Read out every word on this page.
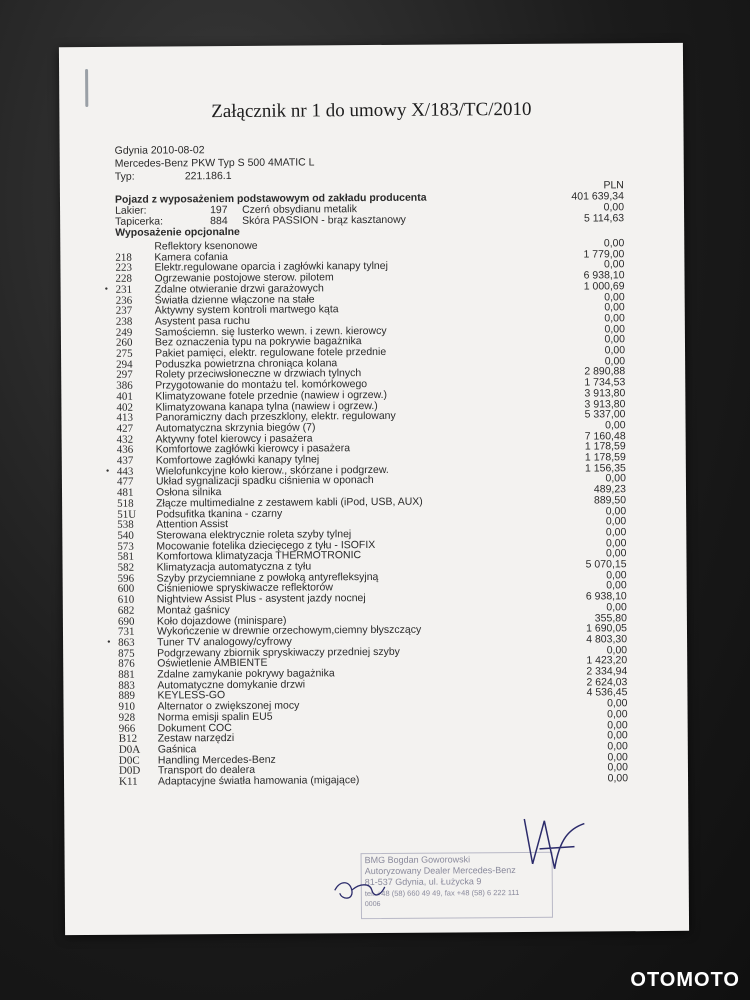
Załącznik nr 1 do umowy X/183/TC/2010
Gdynia 2010-08-02
Mercedes-Benz PKW Typ S 500 4MATIC L
Typ:	221.186.1
PLN
Pojazd z wyposażeniem podstawowym od zakładu producenta	401 639,34
Lakier:	197 Czerń obsydianu metalik	0,00
Tapicerka:	884 Skóra PASSION - brąz kasztanowy	5 114,63
Wyposażenie opcjonalne
Reflektory ksenonowe	0,00
218	Kamera cofania	1 779,00
223	Elektr.regulowane oparcia i zagłówki kanapy tylnej	0,00
228	Ogrzewanie postojowe sterow. pilotem	6 938,10
231	Zdalne otwieranie drzwi garażowych	1 000,69
•
236	Światła dzienne włączone na stałe	0,00
237	Aktywny system kontroli martwego kąta	0,00
238	Asystent pasa ruchu	0,00
249	Samościemn. się lusterko wewn. i zewn. kierowcy	0,00
260	Bez oznaczenia typu na pokrywie bagażnika	0,00
275	Pakiet pamięci, elektr. regulowane fotele przednie	0,00
294	Poduszka powietrzna chroniąca kolana	0,00
297	Rolety przeciwsłoneczne w drzwiach tylnych	2 890,88
386	Przygotowanie do montażu tel. komórkowego	1 734,53
401	Klimatyzowane fotele przednie (nawiew i ogrzew.)	3 913,80
402	Klimatyzowana kanapa tylna (nawiew i ogrzew.)	3 913,80
413	Panoramiczny dach przeszklony, elektr. regulowany	5 337,00
427	Automatyczna skrzynia biegów (7)	0,00
432	Aktywny fotel kierowcy i pasażera	7 160,48
436	Komfortowe zagłówki kierowcy i pasażera	1 178,59
437	Komfortowe zagłówki kanapy tylnej	1 178,59
443	Wielofunkcyjne koło kierow., skórzane i podgrzew.	1 156,35
•
477	Układ sygnalizacji spadku ciśnienia w oponach	0,00
481	Osłona silnika	489,23
518	Złącze multimedialne z zestawem kabli (iPod, USB, AUX)	889,50
51U	Podsufitka tkanina - czarny	0,00
538	Attention Assist	0,00
540	Sterowana elektrycznie roleta szyby tylnej	0,00
573	Mocowanie fotelika dziecięcego z tyłu - ISOFIX	0,00
581	Komfortowa klimatyzacja THERMOTRONIC	0,00
582	Klimatyzacja automatyczna z tyłu	5 070,15
596	Szyby przyciemniane z powłoką antyrefleksyjną	0,00
600	Ciśnieniowe spryskiwacze reflektorów	0,00
610	Nightview Assist Plus - asystent jazdy nocnej	6 938,10
682	Montaż gaśnicy	0,00
690	Koło dojazdowe (minispare)	355,80
731	Wykończenie w drewnie orzechowym,ciemny błyszczący	1 690,05
863	Tuner TV analogowy/cyfrowy	4 803,30
•
875	Podgrzewany zbiornik spryskiwaczy przedniej szyby	0,00
876	Oświetlenie AMBIENTE	1 423,20
881	Zdalne zamykanie pokrywy bagażnika	2 334,94
883	Automatyczne domykanie drzwi	2 624,03
889	KEYLESS-GO	4 536,45
910	Alternator o zwiększonej mocy	0,00
928	Norma emisji spalin EU5	0,00
966	Dokument COC	0,00
B12	Zestaw narzędzi	0,00
D0A	Gaśnica	0,00
D0C	Handling Mercedes-Benz	0,00
D0D	Transport do dealera	0,00
K11	Adaptacyjne światła hamowania (migające)	0,00
BMG Bogdan Goworowski
Autoryzowany Dealer Mercedes-Benz
81-537 Gdynia, ul. Łużycka 9
tel. +48 (58) 660 49 49, fax +48 (58) 6 222 111
0006
OTOMOTO
